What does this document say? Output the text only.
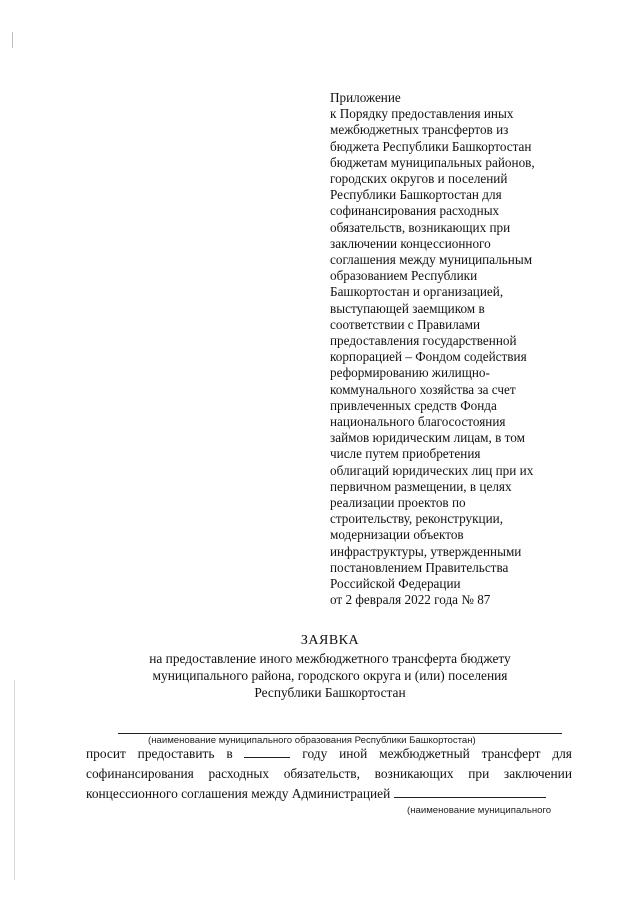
Приложение
к Порядку предоставления иных
межбюджетных трансфертов из
бюджета Республики Башкортостан
бюджетам муниципальных районов,
городских округов и поселений
Республики Башкортостан для
софинансирования расходных
обязательств, возникающих при
заключении концессионного
соглашения между муниципальным
образованием Республики
Башкортостан и организацией,
выступающей заемщиком в
соответствии с Правилами
предоставления государственной
корпорацией – Фондом содействия
реформированию жилищно-
коммунального хозяйства за счет
привлеченных средств Фонда
национального благосостояния
займов юридическим лицам, в том
числе путем приобретения
облигаций юридических лиц при их
первичном размещении, в целях
реализации проектов по
строительству, реконструкции,
модернизации объектов
инфраструктуры, утвержденными
постановлением Правительства
Российской Федерации
от 2 февраля 2022 года № 87
ЗАЯВКА
на предоставление иного межбюджетного трансферта бюджету
муниципального района, городского округа и (или) поселения
Республики Башкортостан
(наименование муниципального образования Республики Башкортостан)
просит предоставить в	году иной межбюджетный трансферт для
софинансирования расходных обязательств, возникающих при заключении
концессионного соглашения между Администрацией
(наименование муниципального
